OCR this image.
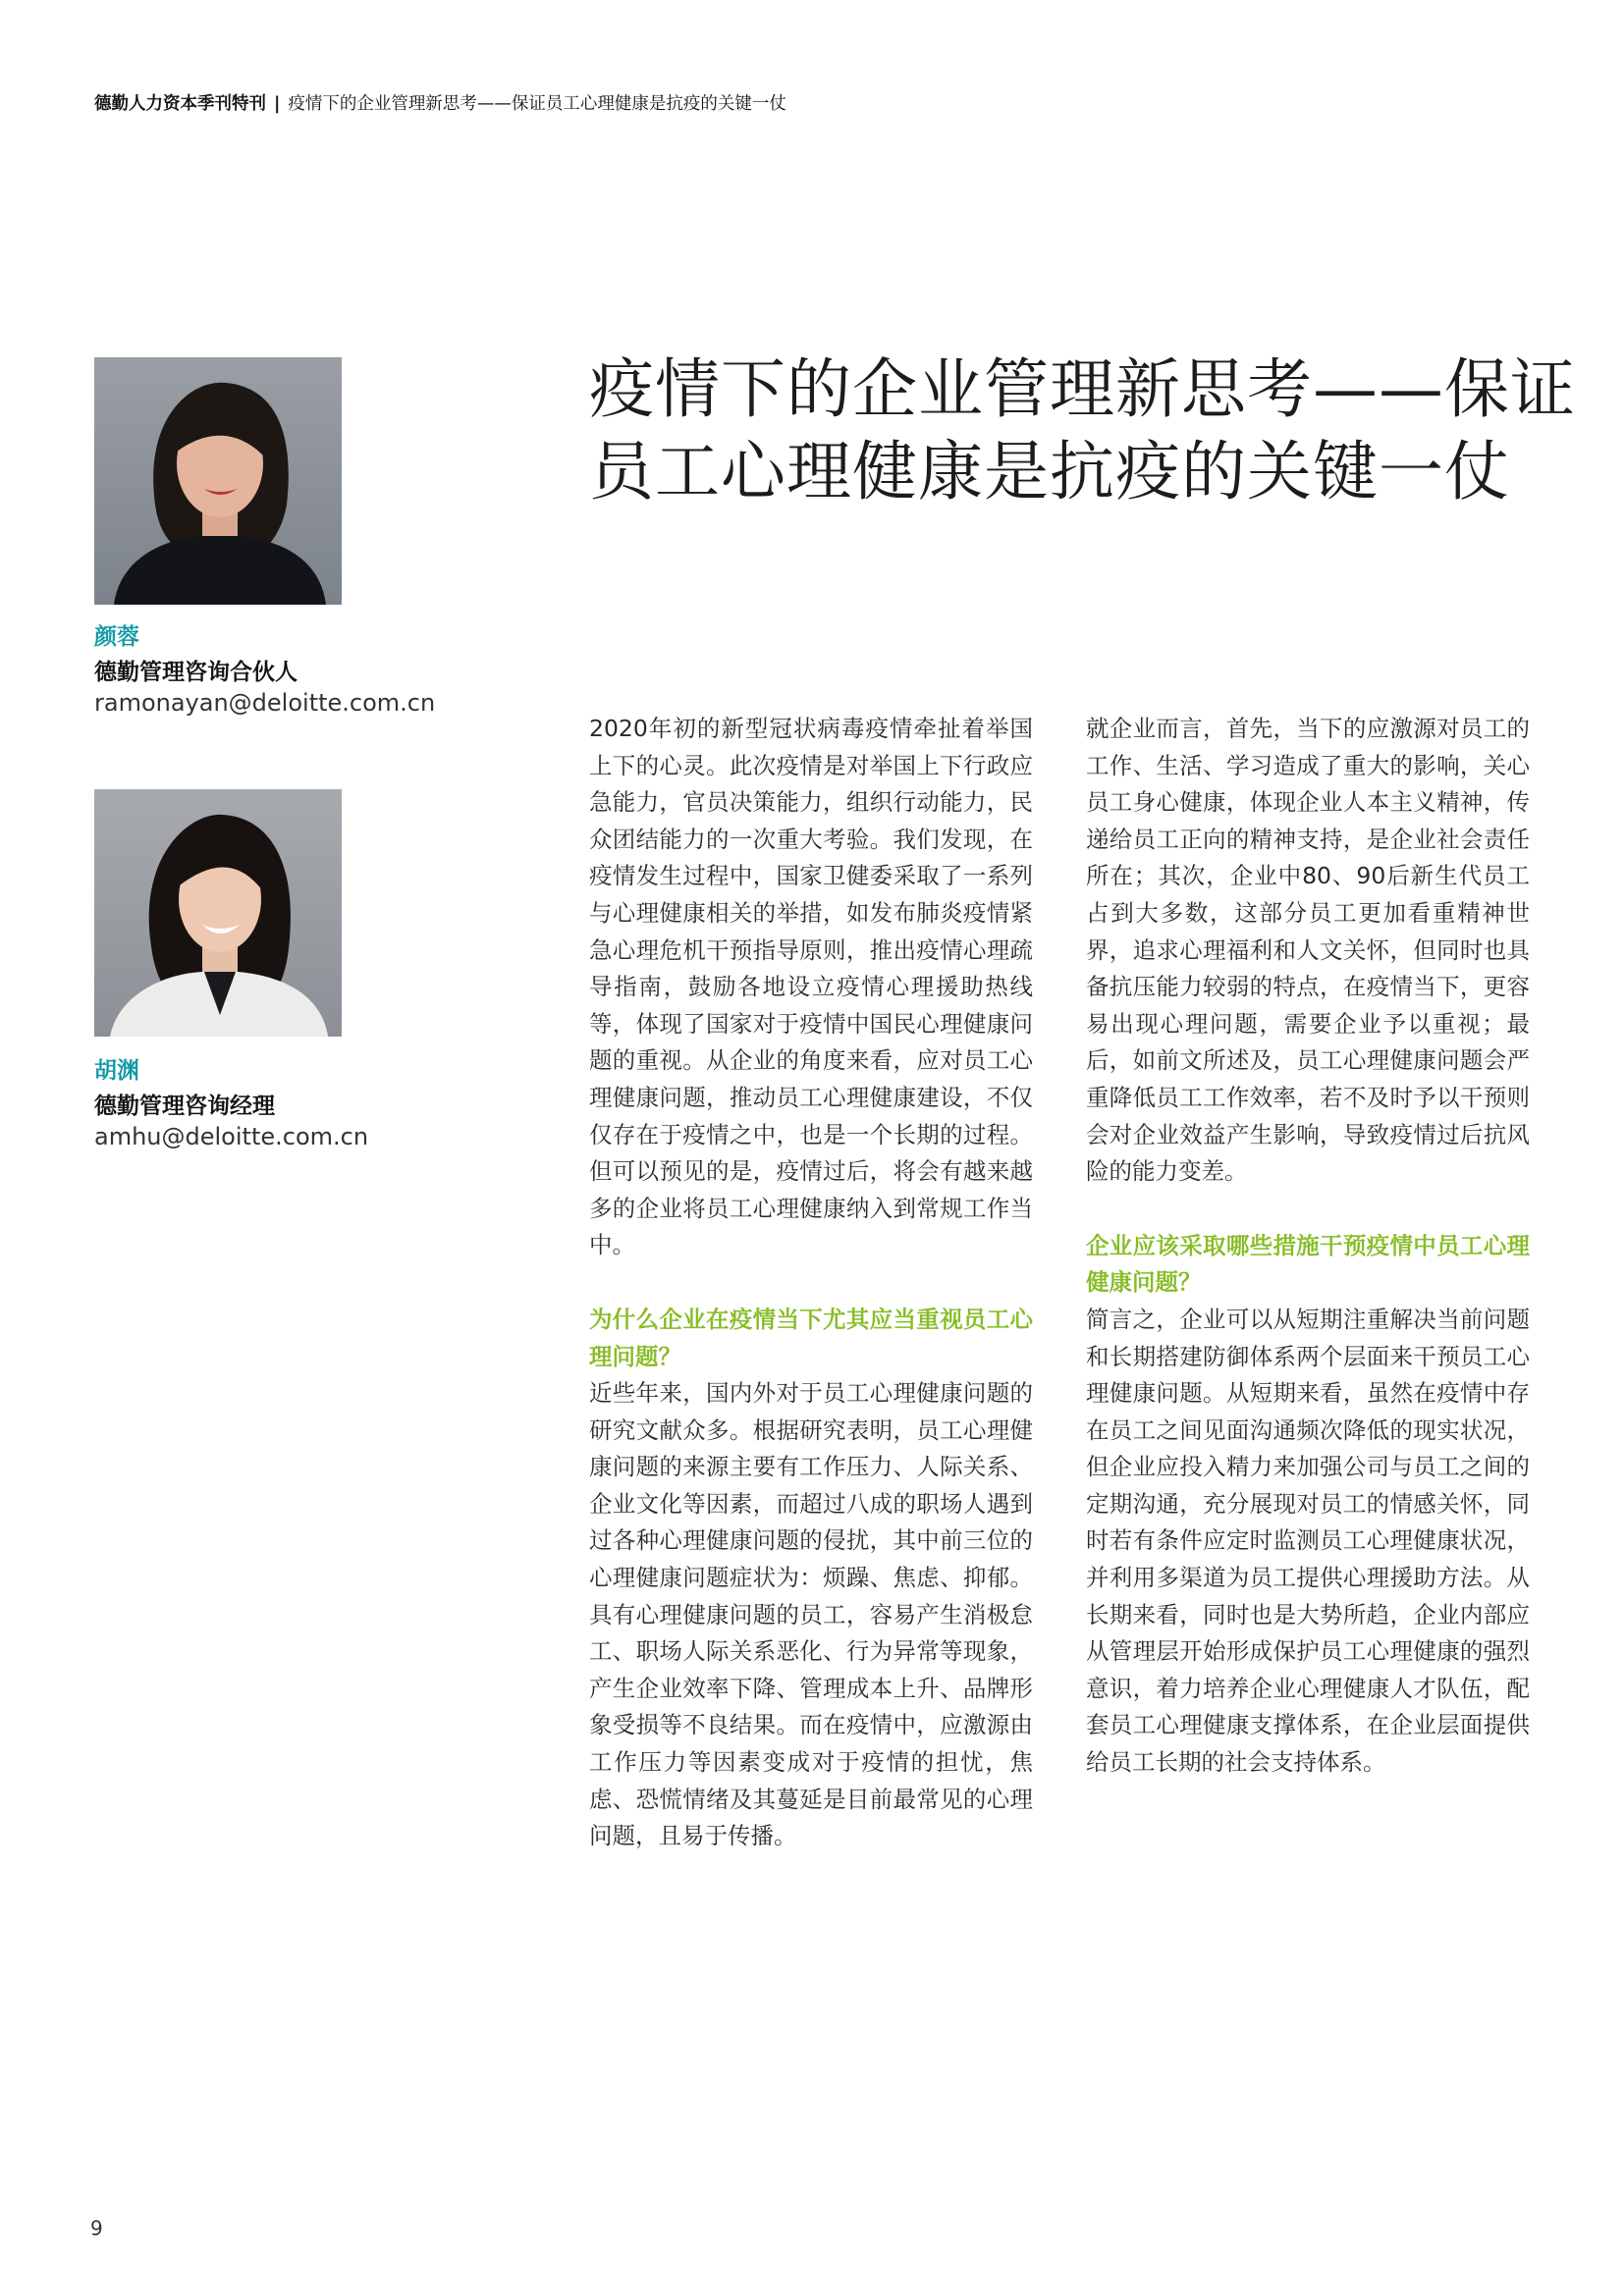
德勤人力资本季刊特刊 | 疫情下的企业管理新思考——保证员工心理健康是抗疫的关键一仗
疫情下的企业管理新思考——保证
员工心理健康是抗疫的关键一仗
颜蓉
德勤管理咨询合伙人
ramonayan@deloitte.com.cn
胡渊
德勤管理咨询经理
amhu@deloitte.com.cn

2020年初的新型冠状病毒疫情牵扯着举国上下的心灵。此次疫情是对举国上下行政应急能力，官员决策能力，组织行动能力，民众团结能力的一次重大考验。我们发现，在疫情发生过程中，国家卫健委采取了一系列与心理健康相关的举措，如发布肺炎疫情紧急心理危机干预指导原则，推出疫情心理疏导指南，鼓励各地设立疫情心理援助热线等，体现了国家对于疫情中国民心理健康问题的重视。从企业的角度来看，应对员工心理健康问题，推动员工心理健康建设，不仅仅存在于疫情之中，也是一个长期的过程。但可以预见的是，疫情过后，将会有越来越多的企业将员工心理健康纳入到常规工作当中。

为什么企业在疫情当下尤其应当重视员工心理问题？

近些年来，国内外对于员工心理健康问题的研究文献众多。根据研究表明，员工心理健康问题的来源主要有工作压力、人际关系、企业文化等因素，而超过八成的职场人遇到过各种心理健康问题的侵扰，其中前三位的心理健康问题症状为：烦躁、焦虑、抑郁。具有心理健康问题的员工，容易产生消极怠工、职场人际关系恶化、行为异常等现象，产生企业效率下降、管理成本上升、品牌形象受损等不良结果。而在疫情中，应激源由工作压力等因素变成对于疫情的担忧，焦虑、恐慌情绪及其蔓延是目前最常见的心理问题，且易于传播。

就企业而言，首先，当下的应激源对员工的工作、生活、学习造成了重大的影响，关心员工身心健康，体现企业人本主义精神，传递给员工正向的精神支持，是企业社会责任所在；其次，企业中80、90后新生代员工占到大多数，这部分员工更加看重精神世界，追求心理福利和人文关怀，但同时也具备抗压能力较弱的特点，在疫情当下，更容易出现心理问题，需要企业予以重视；最后，如前文所述及，员工心理健康问题会严重降低员工工作效率，若不及时予以干预则会对企业效益产生影响，导致疫情过后抗风险的能力变差。

企业应该采取哪些措施干预疫情中员工心理健康问题？

简言之，企业可以从短期注重解决当前问题和长期搭建防御体系两个层面来干预员工心理健康问题。从短期来看，虽然在疫情中存在员工之间见面沟通频次降低的现实状况，但企业应投入精力来加强公司与员工之间的定期沟通，充分展现对员工的情感关怀，同时若有条件应定时监测员工心理健康状况，并利用多渠道为员工提供心理援助方法。从长期来看，同时也是大势所趋，企业内部应从管理层开始形成保护员工心理健康的强烈意识，着力培养企业心理健康人才队伍，配套员工心理健康支撑体系，在企业层面提供给员工长期的社会支持体系。

9
